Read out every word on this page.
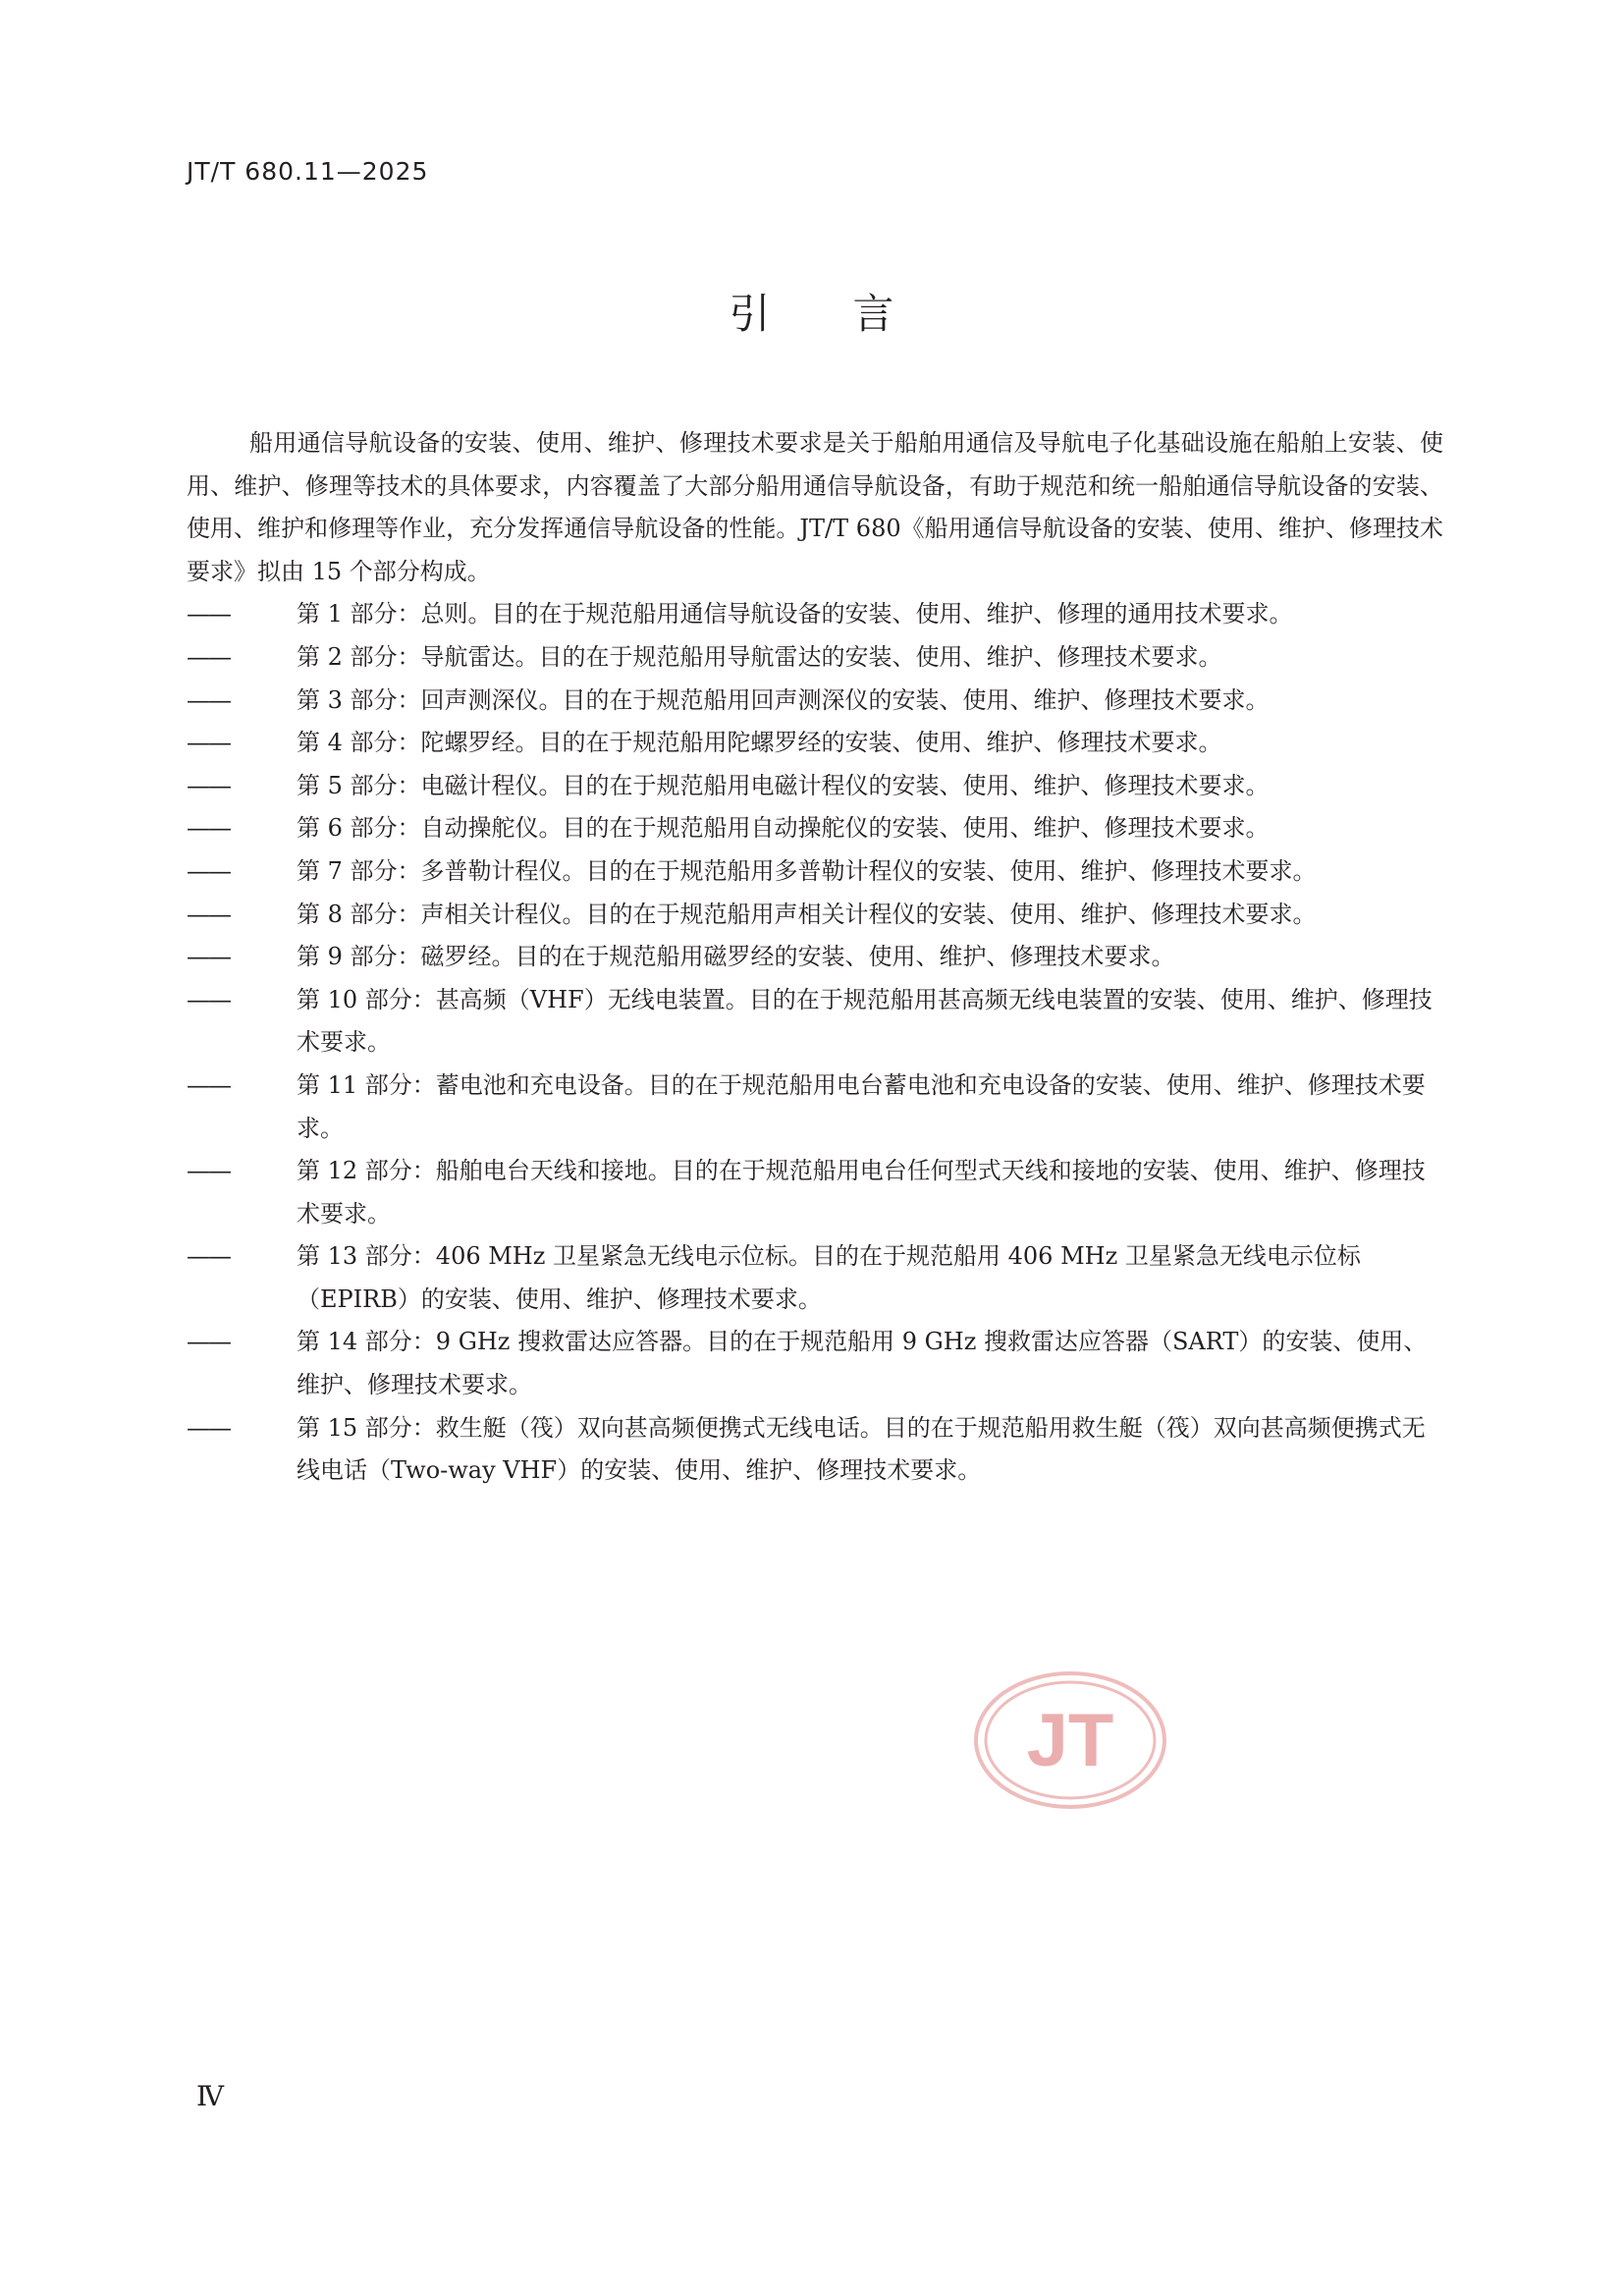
JT/T 680.11—2025
引言

船用通信导航设备的安装、使用、维护、修理技术要求是关于船舶用通信及导航电子化基础设施在船舶上安装、使用、维护、修理等技术的具体要求，内容覆盖了大部分船用通信导航设备，有助于规范和统一船舶通信导航设备的安装、使用、维护和修理等作业，充分发挥通信导航设备的性能。JT/T 680《船用通信导航设备的安装、使用、维护、修理技术要求》拟由 15 个部分构成。

——	第 1 部分：总则。目的在于规范船用通信导航设备的安装、使用、维护、修理的通用技术要求。
——	第 2 部分：导航雷达。目的在于规范船用导航雷达的安装、使用、维护、修理技术要求。
——	第 3 部分：回声测深仪。目的在于规范船用回声测深仪的安装、使用、维护、修理技术要求。
——	第 4 部分：陀螺罗经。目的在于规范船用陀螺罗经的安装、使用、维护、修理技术要求。
——	第 5 部分：电磁计程仪。目的在于规范船用电磁计程仪的安装、使用、维护、修理技术要求。
——	第 6 部分：自动操舵仪。目的在于规范船用自动操舵仪的安装、使用、维护、修理技术要求。
——	第 7 部分：多普勒计程仪。目的在于规范船用多普勒计程仪的安装、使用、维护、修理技术要求。
——	第 8 部分：声相关计程仪。目的在于规范船用声相关计程仪的安装、使用、维护、修理技术要求。
——	第 9 部分：磁罗经。目的在于规范船用磁罗经的安装、使用、维护、修理技术要求。
——	第 10 部分：甚高频（VHF）无线电装置。目的在于规范船用甚高频无线电装置的安装、使用、维护、修理技术要求。
——	第 11 部分：蓄电池和充电设备。目的在于规范船用电台蓄电池和充电设备的安装、使用、维护、修理技术要求。
——	第 12 部分：船舶电台天线和接地。目的在于规范船用电台任何型式天线和接地的安装、使用、维护、修理技术要求。
——	第 13 部分：406 MHz 卫星紧急无线电示位标。目的在于规范船用 406 MHz 卫星紧急无线电示位标（EPIRB）的安装、使用、维护、修理技术要求。
——	第 14 部分：9 GHz 搜救雷达应答器。目的在于规范船用 9 GHz 搜救雷达应答器（SART）的安装、使用、维护、修理技术要求。
——	第 15 部分：救生艇（筏）双向甚高频便携式无线电话。目的在于规范船用救生艇（筏）双向甚高频便携式无线电话（Two-way VHF）的安装、使用、维护、修理技术要求。
JT
Ⅳ
